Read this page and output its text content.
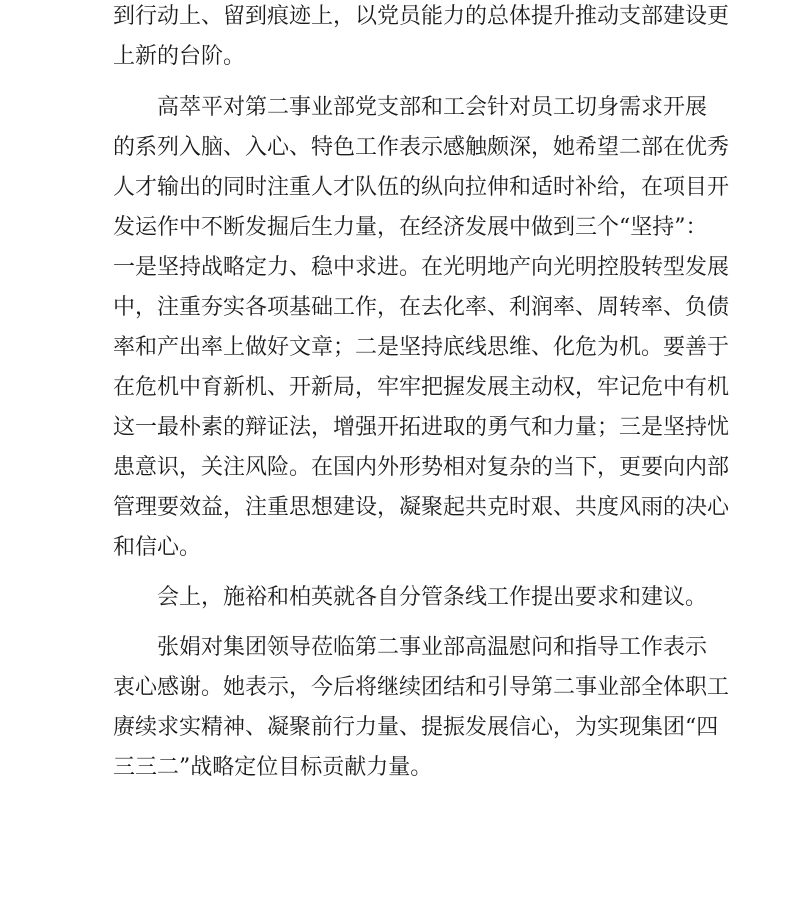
到行动上、留到痕迹上，以党员能力的总体提升推动支部建设更
上新的台阶。
高萃平对第二事业部党支部和工会针对员工切身需求开展
的系列入脑、入心、特色工作表示感触颇深，她希望二部在优秀
人才输出的同时注重人才队伍的纵向拉伸和适时补给，在项目开
发运作中不断发掘后生力量，在经济发展中做到三个“坚持”：
一是坚持战略定力、稳中求进。在光明地产向光明控股转型发展
中，注重夯实各项基础工作，在去化率、利润率、周转率、负债
率和产出率上做好文章；二是坚持底线思维、化危为机。要善于
在危机中育新机、开新局，牢牢把握发展主动权，牢记危中有机
这一最朴素的辩证法，增强开拓进取的勇气和力量；三是坚持忧
患意识，关注风险。在国内外形势相对复杂的当下，更要向内部
管理要效益，注重思想建设，凝聚起共克时艰、共度风雨的决心
和信心。
会上，施裕和柏英就各自分管条线工作提出要求和建议。
张娟对集团领导莅临第二事业部高温慰问和指导工作表示
衷心感谢。她表示，今后将继续团结和引导第二事业部全体职工
赓续求实精神、凝聚前行力量、提振发展信心，为实现集团“四
三三二”战略定位目标贡献力量。
